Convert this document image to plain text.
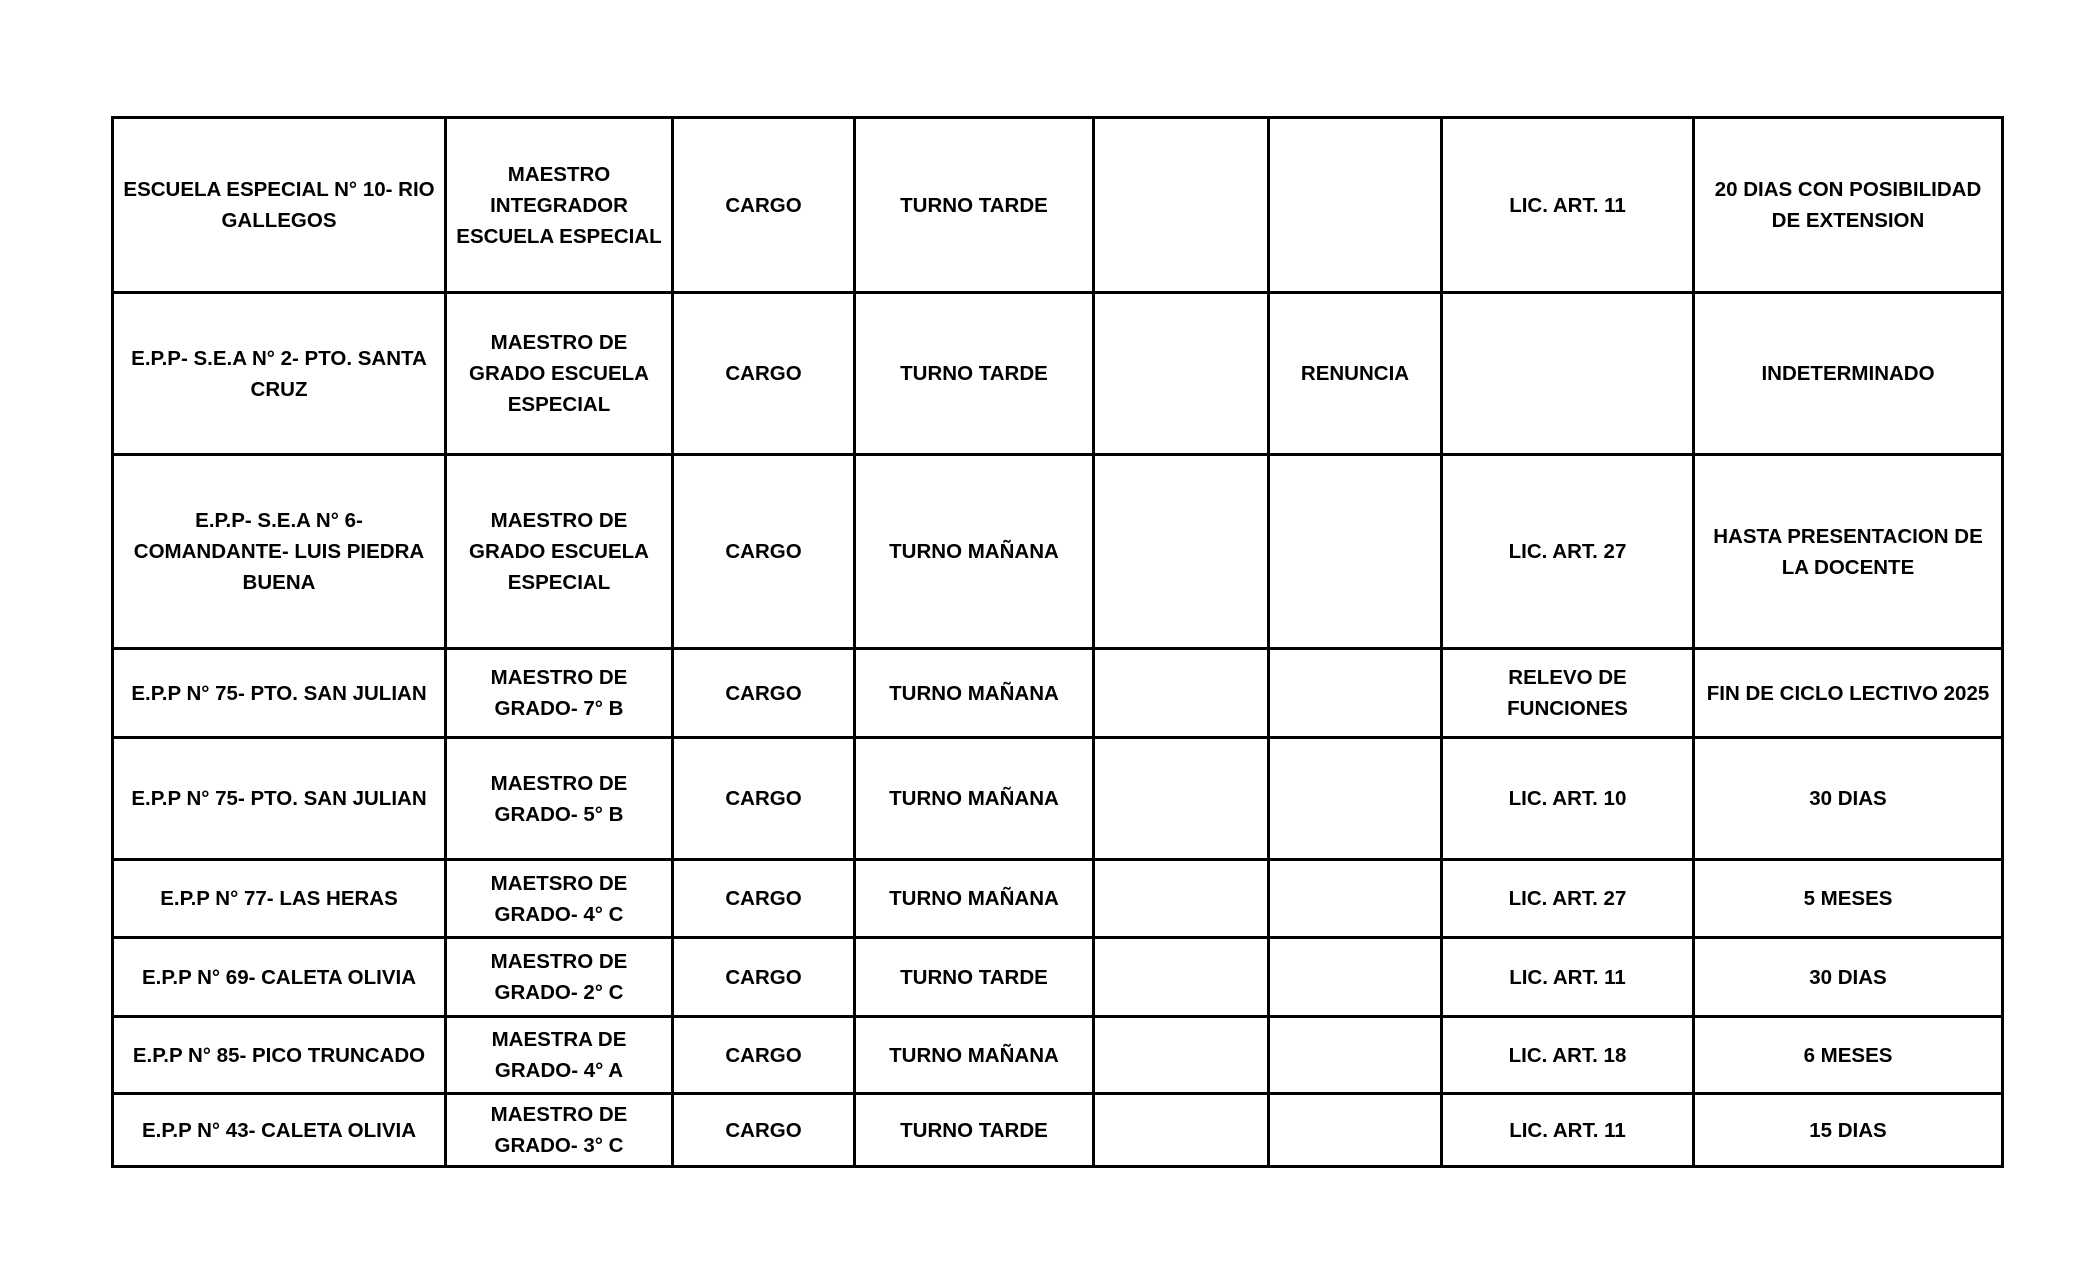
ESCUELA ESPECIAL N° 10- RIO GALLEGOS	MAESTRO INTEGRADOR ESCUELA ESPECIAL	CARGO	TURNO TARDE			LIC. ART. 11	20 DIAS CON POSIBILIDAD DE EXTENSION
E.P.P- S.E.A N° 2- PTO. SANTA CRUZ	MAESTRO DE GRADO ESCUELA ESPECIAL	CARGO	TURNO TARDE		RENUNCIA		INDETERMINADO
E.P.P- S.E.A N° 6- COMANDANTE- LUIS PIEDRA BUENA	MAESTRO DE GRADO ESCUELA ESPECIAL	CARGO	TURNO MAÑANA			LIC. ART. 27	HASTA PRESENTACION DE LA DOCENTE
E.P.P N° 75- PTO. SAN JULIAN	MAESTRO DE GRADO- 7° B	CARGO	TURNO MAÑANA			RELEVO DE FUNCIONES	FIN DE CICLO LECTIVO 2025
E.P.P N° 75- PTO. SAN JULIAN	MAESTRO DE GRADO- 5° B	CARGO	TURNO MAÑANA			LIC. ART. 10	30 DIAS
E.P.P N° 77- LAS HERAS	MAETSRO DE GRADO- 4° C	CARGO	TURNO MAÑANA			LIC. ART. 27	5 MESES
E.P.P N° 69- CALETA OLIVIA	MAESTRO DE GRADO- 2° C	CARGO	TURNO TARDE			LIC. ART. 11	30 DIAS
E.P.P N° 85- PICO TRUNCADO	MAESTRA DE GRADO- 4° A	CARGO	TURNO MAÑANA			LIC. ART. 18	6 MESES
E.P.P N° 43- CALETA OLIVIA	MAESTRO DE GRADO- 3° C	CARGO	TURNO TARDE			LIC. ART. 11	15 DIAS
